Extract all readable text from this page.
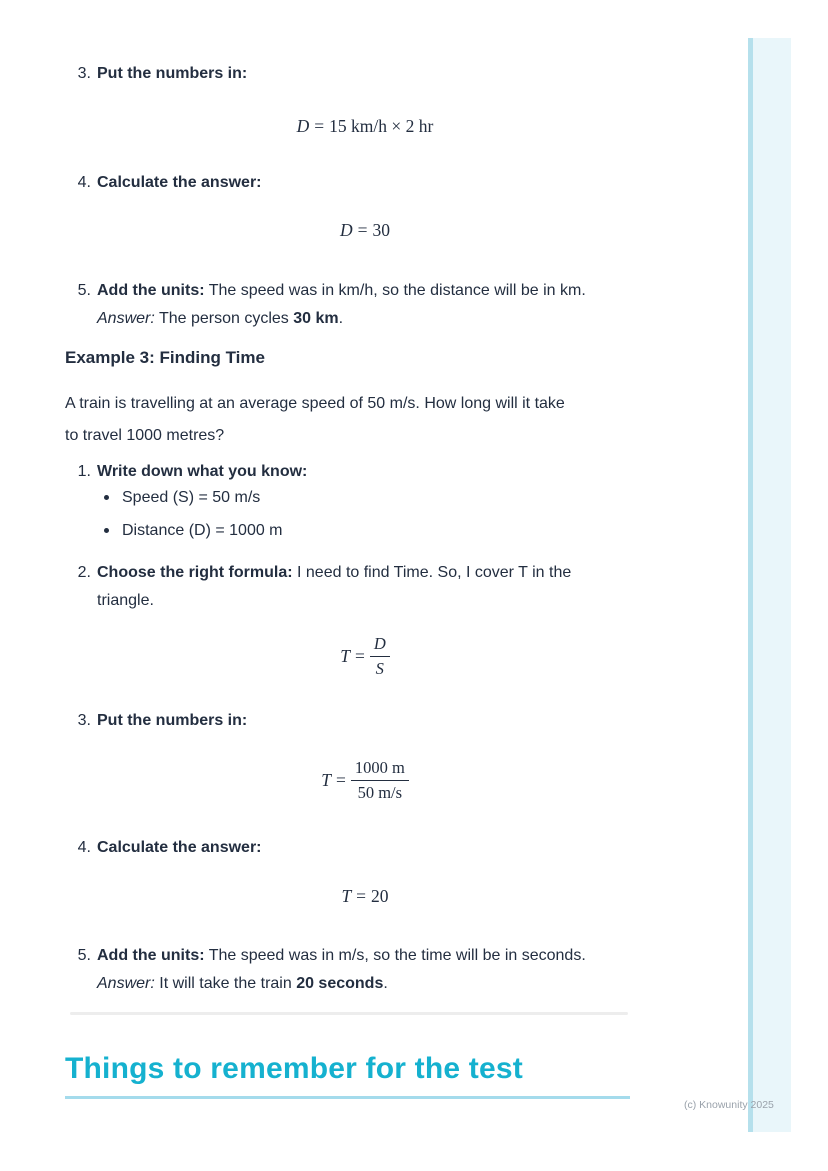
3. Put the numbers in:
D = 15 km/h × 2 hr
4. Calculate the answer:
D = 30
5. Add the units: The speed was in km/h, so the distance will be in km.
Answer: The person cycles 30 km.
Example 3: Finding Time
A train is travelling at an average speed of 50 m/s. How long will it take
to travel 1000 metres?
1. Write down what you know:
Speed (S) = 50 m/s
Distance (D) = 1000 m
2. Choose the right formula: I need to find Time. So, I cover T in the
triangle.
$T = \frac{D}{S}$
3. Put the numbers in:
$T = \frac{1000 m}{50 m/s}$
4. Calculate the answer:
T = 20
5. Add the units: The speed was in m/s, so the time will be in seconds.
Answer: It will take the train 20 seconds.
Things to remember for the test
(c) Knowunity 2025
